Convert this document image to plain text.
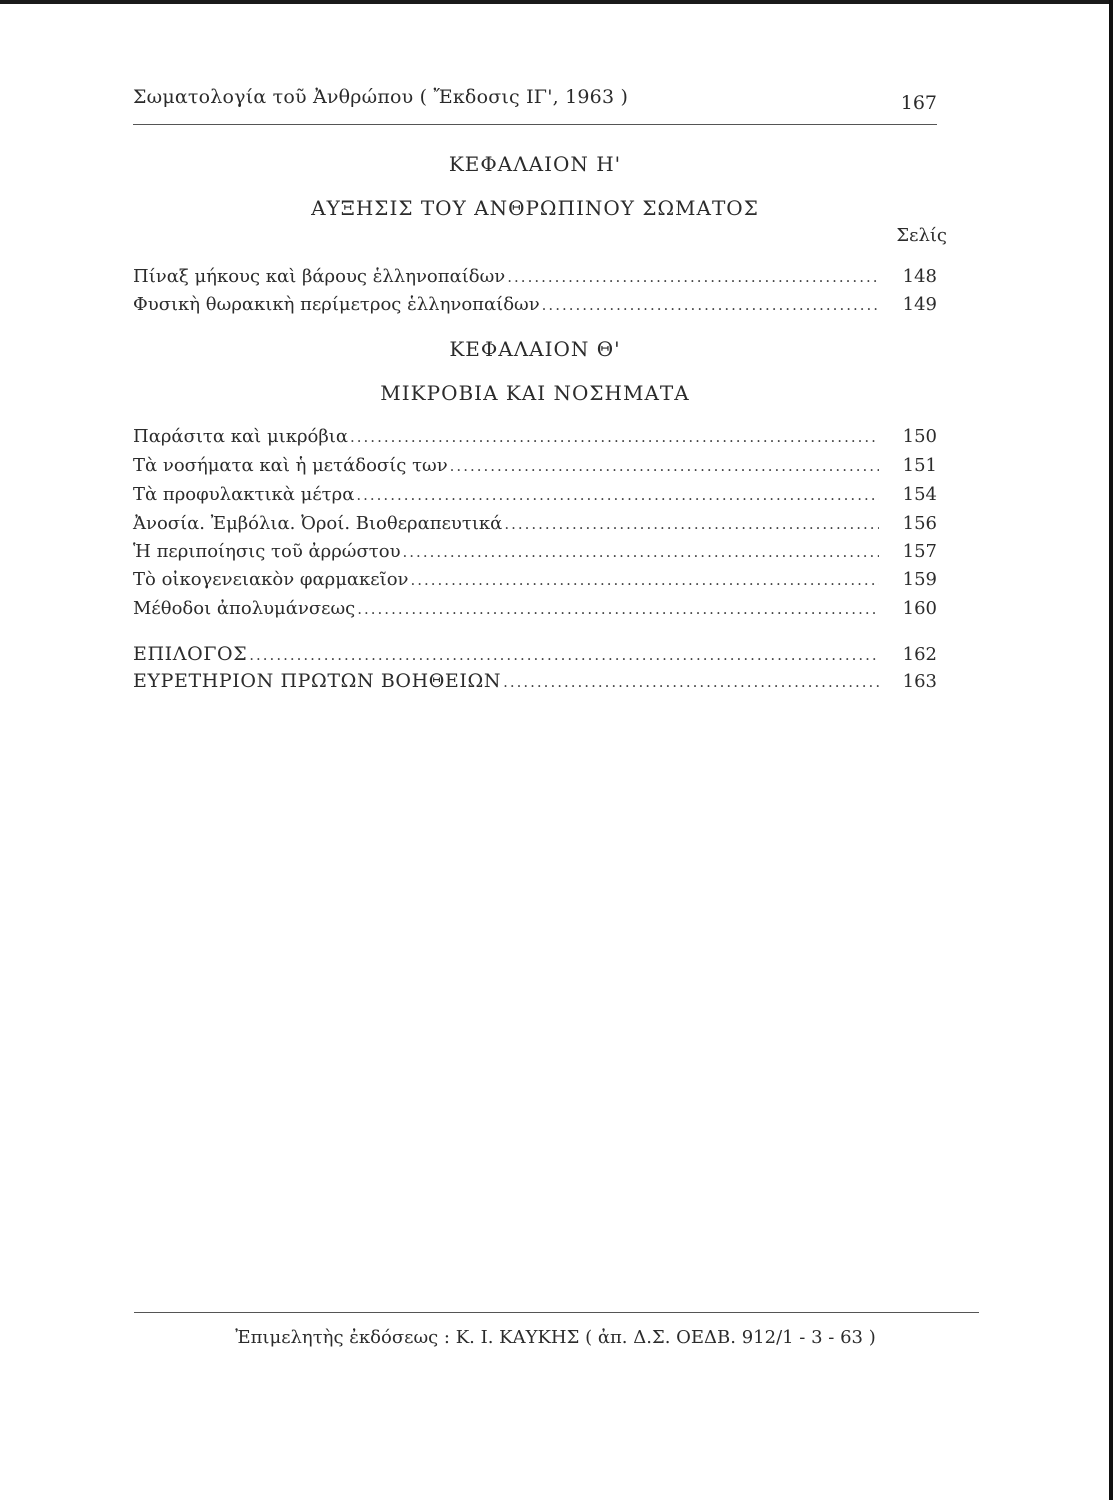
Σωματολογία τοῦ Ἀνθρώπου ( Ἔκδοσις ΙΓ', 1963 )	167
ΚΕΦΑΛΑΙΟΝ Η'
ΑΥΞΗΣΙΣ ΤΟΥ ΑΝΘΡΩΠΙΝΟΥ ΣΩΜΑΤΟΣ
Σελίς
Πίναξ μήκους καὶ βάρους ἑλληνοπαίδων .....	148
Φυσικὴ θωρακικὴ περίμετρος ἑλληνοπαίδων .....	149
ΚΕΦΑΛΑΙΟΝ Θ'
ΜΙΚΡΟΒΙΑ ΚΑΙ ΝΟΣΗΜΑΤΑ
Παράσιτα καὶ μικρόβια .....	150
Τὰ νοσήματα καὶ ἡ μετάδοσίς των .....	151
Τὰ προφυλακτικὰ μέτρα .....	154
Ἀνοσία. Ἐμβόλια. Ὀροί. Βιοθεραπευτικά .....	156
Ἡ περιποίησις τοῦ ἀρρώστου .....	157
Τὸ οἰκογενειακὸν φαρμακεῖον .....	159
Μέθοδοι ἀπολυμάνσεως .....	160
ΕΠΙΛΟΓΟΣ .....	162
ΕΥΡΕΤΗΡΙΟΝ ΠΡΩΤΩΝ ΒΟΗΘΕΙΩΝ .....	163
Ἐπιμελητὴς ἐκδόσεως : Κ. Ι. ΚΑΥΚΗΣ ( ἀπ. Δ.Σ. ΟΕΔΒ. 912/1 - 3 - 63 )
